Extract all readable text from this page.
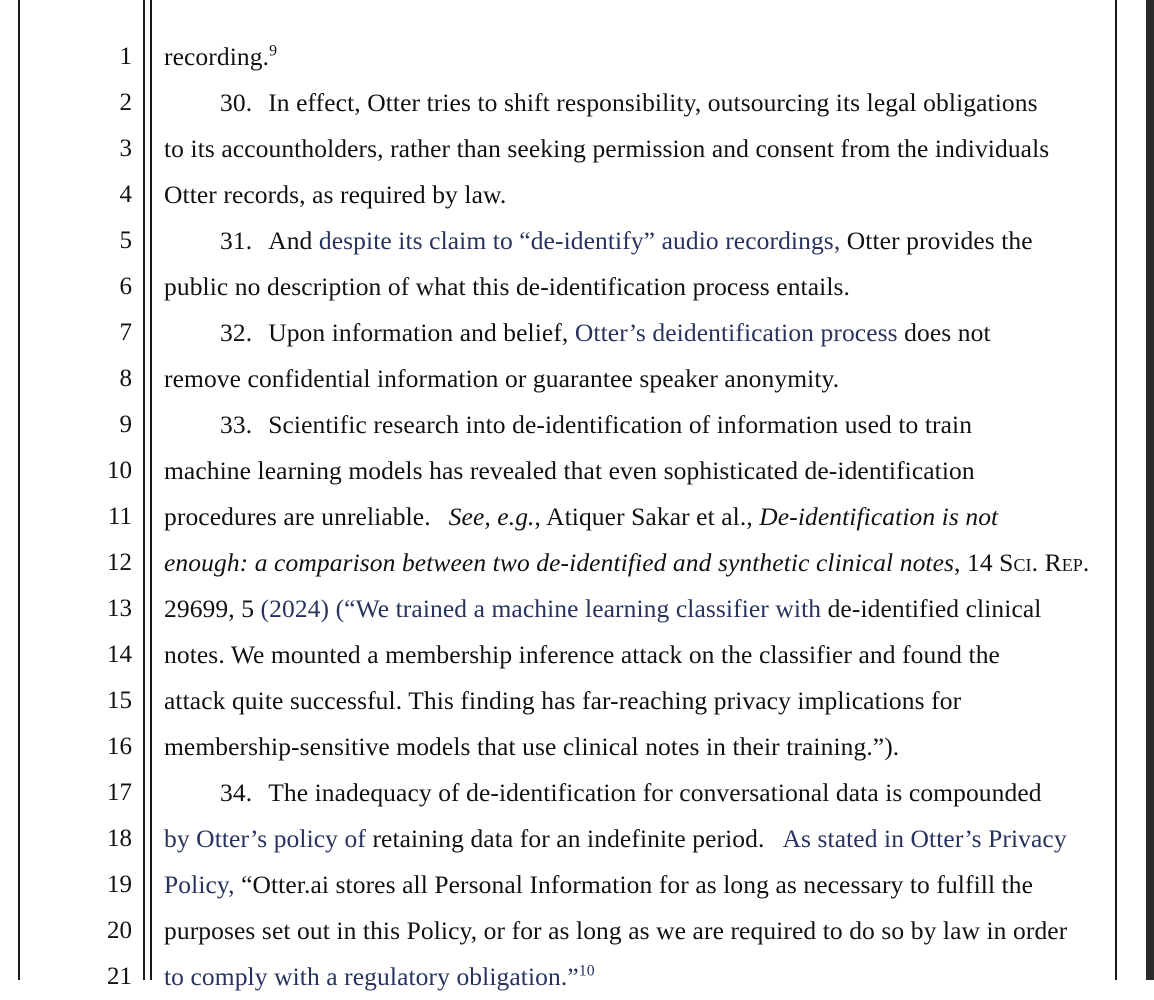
1 recording.$^9$
2	30. In effect, Otter tries to shift responsibility, outsourcing its legal obligations
3 to its accountholders, rather than seeking permission and consent from the individuals
4 Otter records, as required by law.
5	31. And despite its claim to “de-identify” audio recordings, Otter provides the
6 public no description of what this de-identification process entails.
7	32. Upon information and belief, Otter’s deidentification process does not
8 remove confidential information or guarantee speaker anonymity.
9	33. Scientific research into de-identification of information used to train
10 machine learning models has revealed that even sophisticated de-identification
11 procedures are unreliable. See, e.g., Atiquer Sakar et al., De-identification is not
12 enough: a comparison between two de-identified and synthetic clinical notes, 14 Sci. Rep.
13 29699, 5 (2024) (“We trained a machine learning classifier with de-identified clinical
14 notes. We mounted a membership inference attack on the classifier and found the
15 attack quite successful. This finding has far-reaching privacy implications for
16 membership-sensitive models that use clinical notes in their training.”).
17	34. The inadequacy of de-identification for conversational data is compounded
18 by Otter’s policy of retaining data for an indefinite period. As stated in Otter’s Privacy
19 Policy, “Otter.ai stores all Personal Information for as long as necessary to fulfill the
20 purposes set out in this Policy, or for as long as we are required to do so by law in order
21 to comply with a regulatory obligation.”$^{10}$
